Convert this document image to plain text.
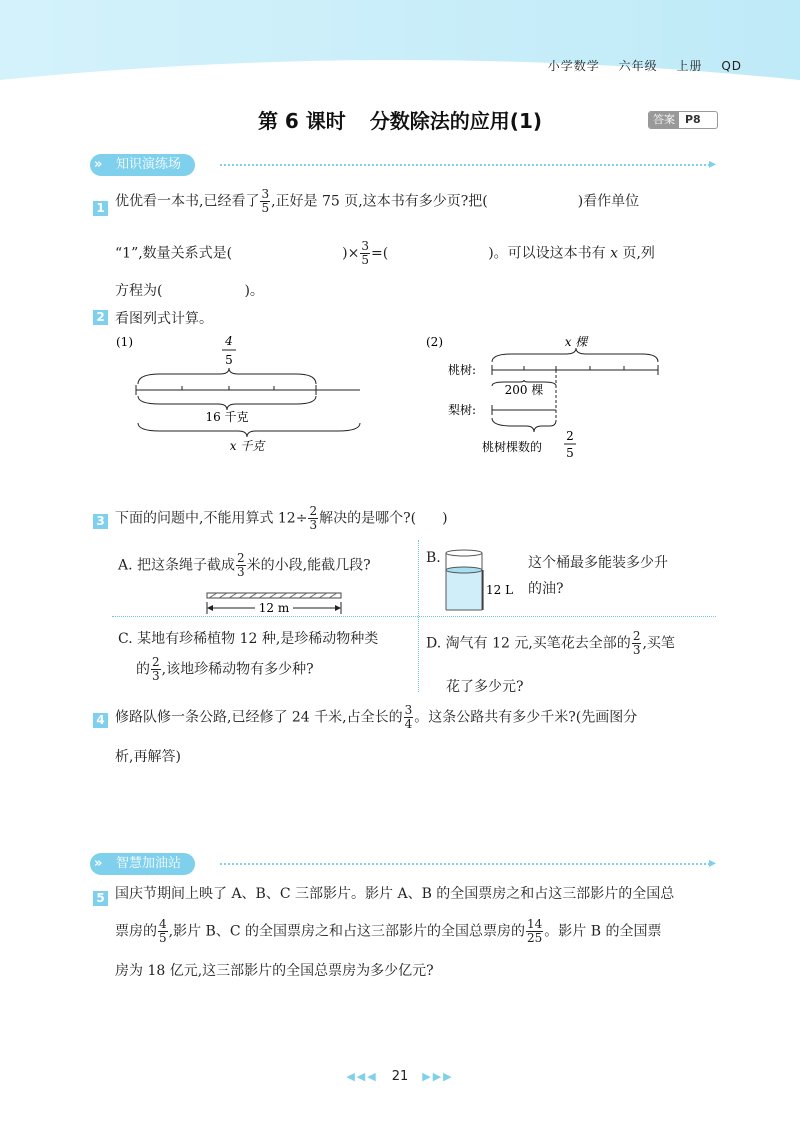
小学数学 六年级 上册 QD
第 6 课时 分数除法的应用(1)	答案 P8
» 知识演练场	▸
1 优优看一本书,已经看了 $\frac{3}{5}$ ,正好是 75 页,这本书有多少页?把(	)看作单位
“1”,数量关系式是(	)× $\frac{3}{5}$ =(	)。可以设这本书有 x 页,列
方程为(	)。
2 看图列式计算。
(1)	4
5
16 千克
x 千克
(2)	x 棵
桃树:
200 棵
梨树:
桃树棵数的
2
5
3 下面的问题中,不能用算式 $12\div \frac{2}{3}$ 解决的是哪个?( )
A. 把这条绳子截成 $\frac{2}{3}$ 米的小段,能截几段?
12 m
B.
12 L
这个桶最多能装多少升
的油?
C. 某地有珍稀植物 12 种,是珍稀动物种类
的 $\frac{2}{3}$ ,该地珍稀动物有多少种?
D. 淘气有 12 元,买笔花去全部的 $\frac{2}{3}$ ,买笔
花了多少元?
4 修路队修一条公路,已经修了 24 千米,占全长的 $\frac{3}{4}$ 。这条公路共有多少千米?(先画图分
析,再解答)
» 智慧加油站	▸
5 国庆节期间上映了 A、B、C 三部影片。影片 A、B 的全国票房之和占这三部影片的全国总
票房的 $\frac{4}{5}$ ,影片 B、C 的全国票房之和占这三部影片的全国总票房的 $\frac{14}{25}$ 。影片 B 的全国票
房为 18 亿元,这三部影片的全国总票房为多少亿元?
◀◀◀ 21 ▶▶▶
